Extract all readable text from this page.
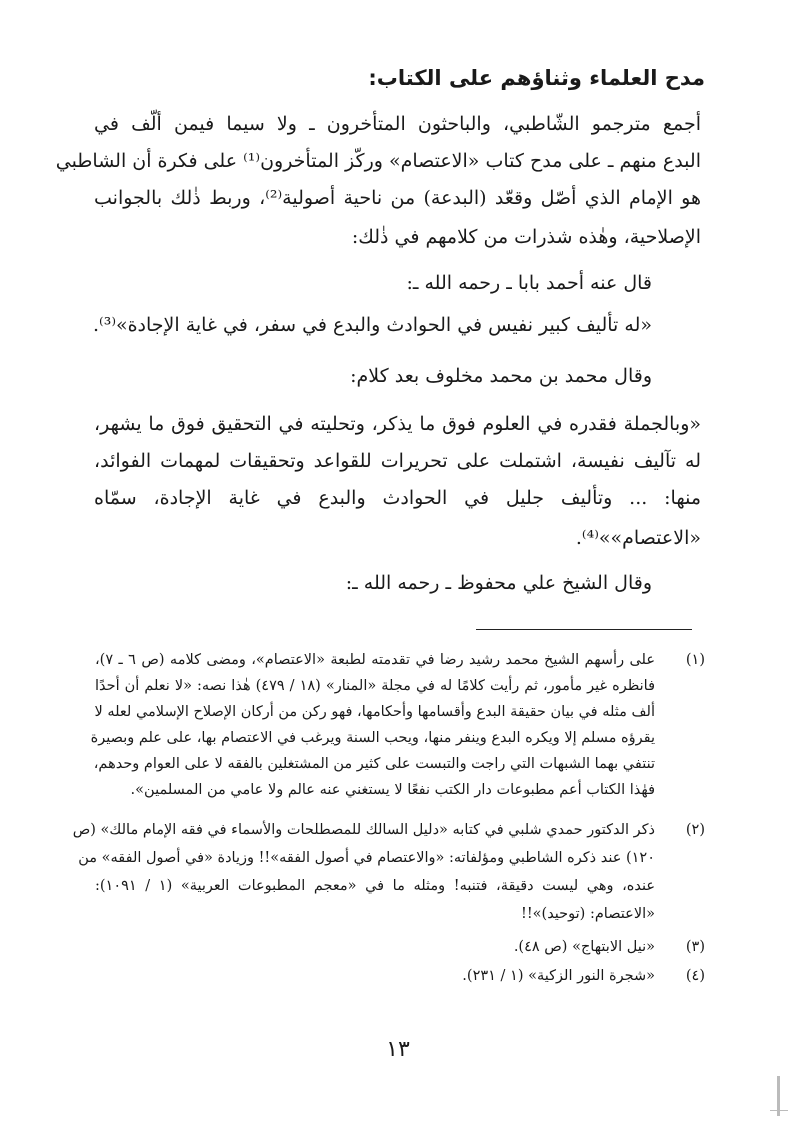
مدح العلماء وثناؤهم على الكتاب:

أجمع مترجمو الشّاطبي، والباحثون المتأخرون ـ ولا سيما فيمن ألّف في

البدع منهم ـ على مدح كتاب «الاعتصام» وركّز المتأخرون⁽¹⁾ على فكرة أن الشاطبي

هو الإمام الذي أصّل وقعّد (البدعة) من ناحية أصولية⁽²⁾، وربط ذٰلك بالجوانب

الإصلاحية، وهٰذه شذرات من كلامهم في ذٰلك:

قال عنه أحمد بابا ـ رحمه الله ـ:

«له تأليف كبير نفيس في الحوادث والبدع في سفر، في غاية الإجادة»⁽³⁾.

وقال محمد بن محمد مخلوف بعد كلام:

«وبالجملة فقدره في العلوم فوق ما يذكر، وتحليته في التحقيق فوق ما يشهر،

له تآليف نفيسة، اشتملت على تحريرات للقواعد وتحقيقات لمهمات الفوائد،

منها: ... وتأليف جليل في الحوادث والبدع في غاية الإجادة، سمّاه

«الاعتصام»»⁽⁴⁾.

وقال الشيخ علي محفوظ ـ رحمه الله ـ:

(١)

على رأسهم الشيخ محمد رشيد رضا في تقدمته لطبعة «الاعتصام»، ومضى كلامه (ص ٦ ـ ٧)،

فانظره غير مأمور، ثم رأيت كلامًا له في مجلة «المنار» (١٨ / ٤٧٩) هٰذا نصه: «لا نعلم أن أحدًا

ألف مثله في بيان حقيقة البدع وأقسامها وأحكامها، فهو ركن من أركان الإصلاح الإسلامي لعله لا

يقرؤه مسلم إلا ويكره البدع وينفر منها، ويحب السنة ويرغب في الاعتصام بها، على علم وبصيرة

تنتفي بهما الشبهات التي راجت والتبست على كثير من المشتغلين بالفقه لا على العوام وحدهم،

فهٰذا الكتاب أعم مطبوعات دار الكتب نفعًا لا يستغني عنه عالم ولا عامي من المسلمين».

(٢)

ذكر الدكتور حمدي شلبي في كتابه «دليل السالك للمصطلحات والأسماء في فقه الإمام مالك» (ص

١٢٠) عند ذكره الشاطبي ومؤلفاته: «والاعتصام في أصول الفقه»!! وزيادة «في أصول الفقه» من

عنده، وهي ليست دقيقة، فتنبه! ومثله ما في «معجم المطبوعات العربية» (١ / ١٠٩١):

«الاعتصام: (توحيد)»!!

(٣)

«نيل الابتهاج» (ص ٤٨).

(٤)

«شجرة النور الزكية» (١ / ٢٣١).

١٣
